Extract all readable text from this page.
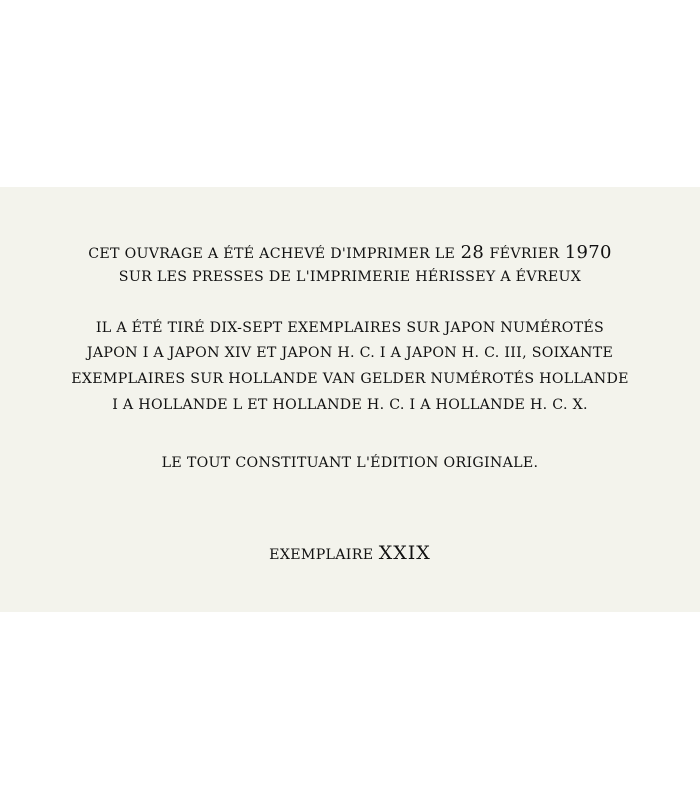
CET OUVRAGE A ÉTÉ ACHEVÉ D'IMPRIMER LE 28 FÉVRIER 1970
SUR LES PRESSES DE L'IMPRIMERIE HÉRISSEY A ÉVREUX
IL A ÉTÉ TIRÉ DIX-SEPT EXEMPLAIRES SUR JAPON NUMÉROTÉS
JAPON I A JAPON XIV ET JAPON H. C. I A JAPON H. C. III, SOIXANTE
EXEMPLAIRES SUR HOLLANDE VAN GELDER NUMÉROTÉS HOLLANDE
I A HOLLANDE L ET HOLLANDE H. C. I A HOLLANDE H. C. X.
LE TOUT CONSTITUANT L'ÉDITION ORIGINALE.
EXEMPLAIRE XXIX
